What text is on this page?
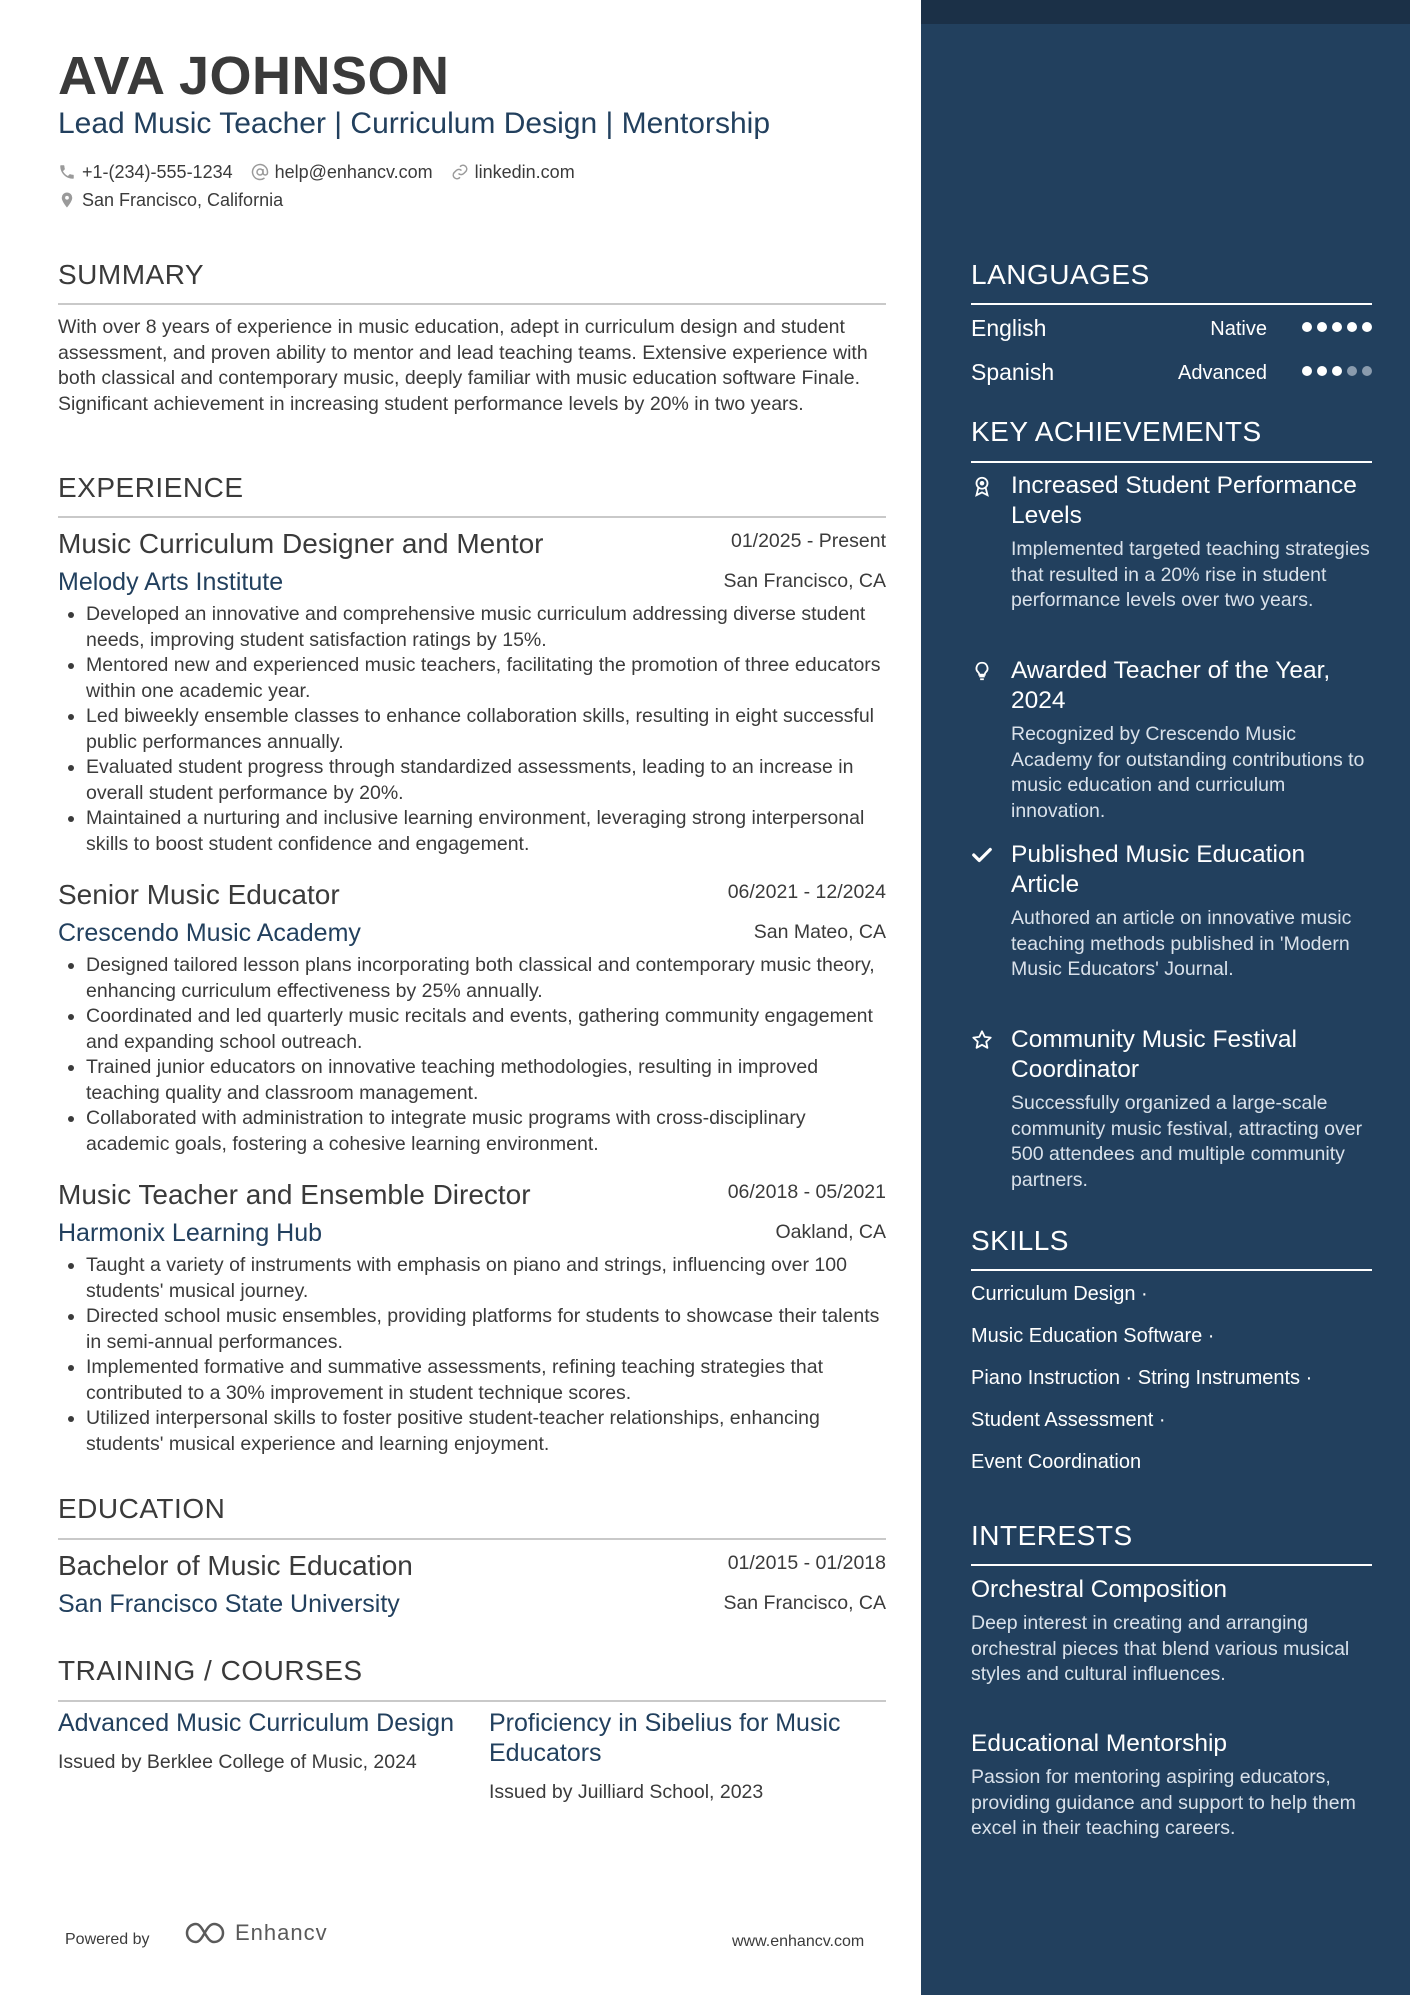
AVA JOHNSON
Lead Music Teacher | Curriculum Design | Mentorship
+1-(234)-555-1234 help@enhancv.com linkedin.com
San Francisco, California
SUMMARY
With over 8 years of experience in music education, adept in curriculum design and student assessment, and proven ability to mentor and lead teaching teams. Extensive experience with both classical and contemporary music, deeply familiar with music education software Finale. Significant achievement in increasing student performance levels by 20% in two years.
EXPERIENCE
Music Curriculum Designer and Mentor	01/2025 - Present
Melody Arts Institute	San Francisco, CA
• Developed an innovative and comprehensive music curriculum addressing diverse student needs, improving student satisfaction ratings by 15%.
• Mentored new and experienced music teachers, facilitating the promotion of three educators within one academic year.
• Led biweekly ensemble classes to enhance collaboration skills, resulting in eight successful public performances annually.
• Evaluated student progress through standardized assessments, leading to an increase in overall student performance by 20%.
• Maintained a nurturing and inclusive learning environment, leveraging strong interpersonal skills to boost student confidence and engagement.
Senior Music Educator	06/2021 - 12/2024
Crescendo Music Academy	San Mateo, CA
• Designed tailored lesson plans incorporating both classical and contemporary music theory, enhancing curriculum effectiveness by 25% annually.
• Coordinated and led quarterly music recitals and events, gathering community engagement and expanding school outreach.
• Trained junior educators on innovative teaching methodologies, resulting in improved teaching quality and classroom management.
• Collaborated with administration to integrate music programs with cross-disciplinary academic goals, fostering a cohesive learning environment.
Music Teacher and Ensemble Director	06/2018 - 05/2021
Harmonix Learning Hub	Oakland, CA
• Taught a variety of instruments with emphasis on piano and strings, influencing over 100 students' musical journey.
• Directed school music ensembles, providing platforms for students to showcase their talents in semi-annual performances.
• Implemented formative and summative assessments, refining teaching strategies that contributed to a 30% improvement in student technique scores.
• Utilized interpersonal skills to foster positive student-teacher relationships, enhancing students' musical experience and learning enjoyment.
EDUCATION
Bachelor of Music Education	01/2015 - 01/2018
San Francisco State University	San Francisco, CA
TRAINING / COURSES
Advanced Music Curriculum Design
Issued by Berklee College of Music, 2024
Proficiency in Sibelius for Music Educators
Issued by Juilliard School, 2023
Powered by	Enhancv	www.enhancv.com
LANGUAGES
English	Native
Spanish	Advanced
KEY ACHIEVEMENTS
Increased Student Performance Levels
Implemented targeted teaching strategies that resulted in a 20% rise in student performance levels over two years.
Awarded Teacher of the Year, 2024
Recognized by Crescendo Music Academy for outstanding contributions to music education and curriculum innovation.
Published Music Education Article
Authored an article on innovative music teaching methods published in 'Modern Music Educators' Journal.
Community Music Festival Coordinator
Successfully organized a large-scale community music festival, attracting over 500 attendees and multiple community partners.
SKILLS
Curriculum Design ·
Music Education Software ·
Piano Instruction · String Instruments ·
Student Assessment ·
Event Coordination
INTERESTS
Orchestral Composition
Deep interest in creating and arranging orchestral pieces that blend various musical styles and cultural influences.
Educational Mentorship
Passion for mentoring aspiring educators, providing guidance and support to help them excel in their teaching careers.
